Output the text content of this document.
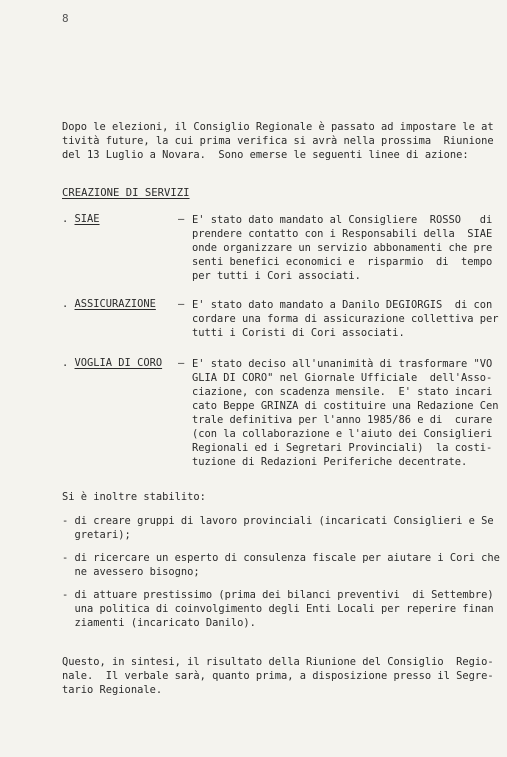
8
Dopo le elezioni, il Consiglio Regionale è passato ad impostare le at
tività future, la cui prima verifica si avrà nella prossima  Riunione
del 13 Luglio a Novara.  Sono emerse le seguenti linee di azione:
CREAZIONE DI SERVIZI
. SIAE	– E' stato dato mandato al Consigliere  ROSSO   di
prendere contatto con i Responsabili della  SIAE
onde organizzare un servizio abbonamenti che pre
senti benefici economici e  risparmio  di  tempo
per tutti i Cori associati.
. ASSICURAZIONE – E' stato dato mandato a Danilo DEGIORGIS  di con
cordare una forma di assicurazione collettiva per
tutti i Coristi di Cori associati.
. VOGLIA DI CORO – E' stato deciso all'unanimità di trasformare "VO
GLIA DI CORO" nel Giornale Ufficiale  dell'Asso-
ciazione, con scadenza mensile.  E' stato incari
cato Beppe GRINZA di costituire una Redazione Cen
trale definitiva per l'anno 1985/86 e di  curare
(con la collaborazione e l'aiuto dei Consiglieri
Regionali ed i Segretari Provinciali)  la costi-
tuzione di Redazioni Periferiche decentrate.
Si è inoltre stabilito:
- di creare gruppi di lavoro provinciali (incaricati Consiglieri e Se
gretari);
- di ricercare un esperto di consulenza fiscale per aiutare i Cori che
ne avessero bisogno;
- di attuare prestissimo (prima dei bilanci preventivi  di Settembre)
una politica di coinvolgimento degli Enti Locali per reperire finan
ziamenti (incaricato Danilo).
Questo, in sintesi, il risultato della Riunione del Consiglio  Regio-
nale.  Il verbale sarà, quanto prima, a disposizione presso il Segre-
tario Regionale.
